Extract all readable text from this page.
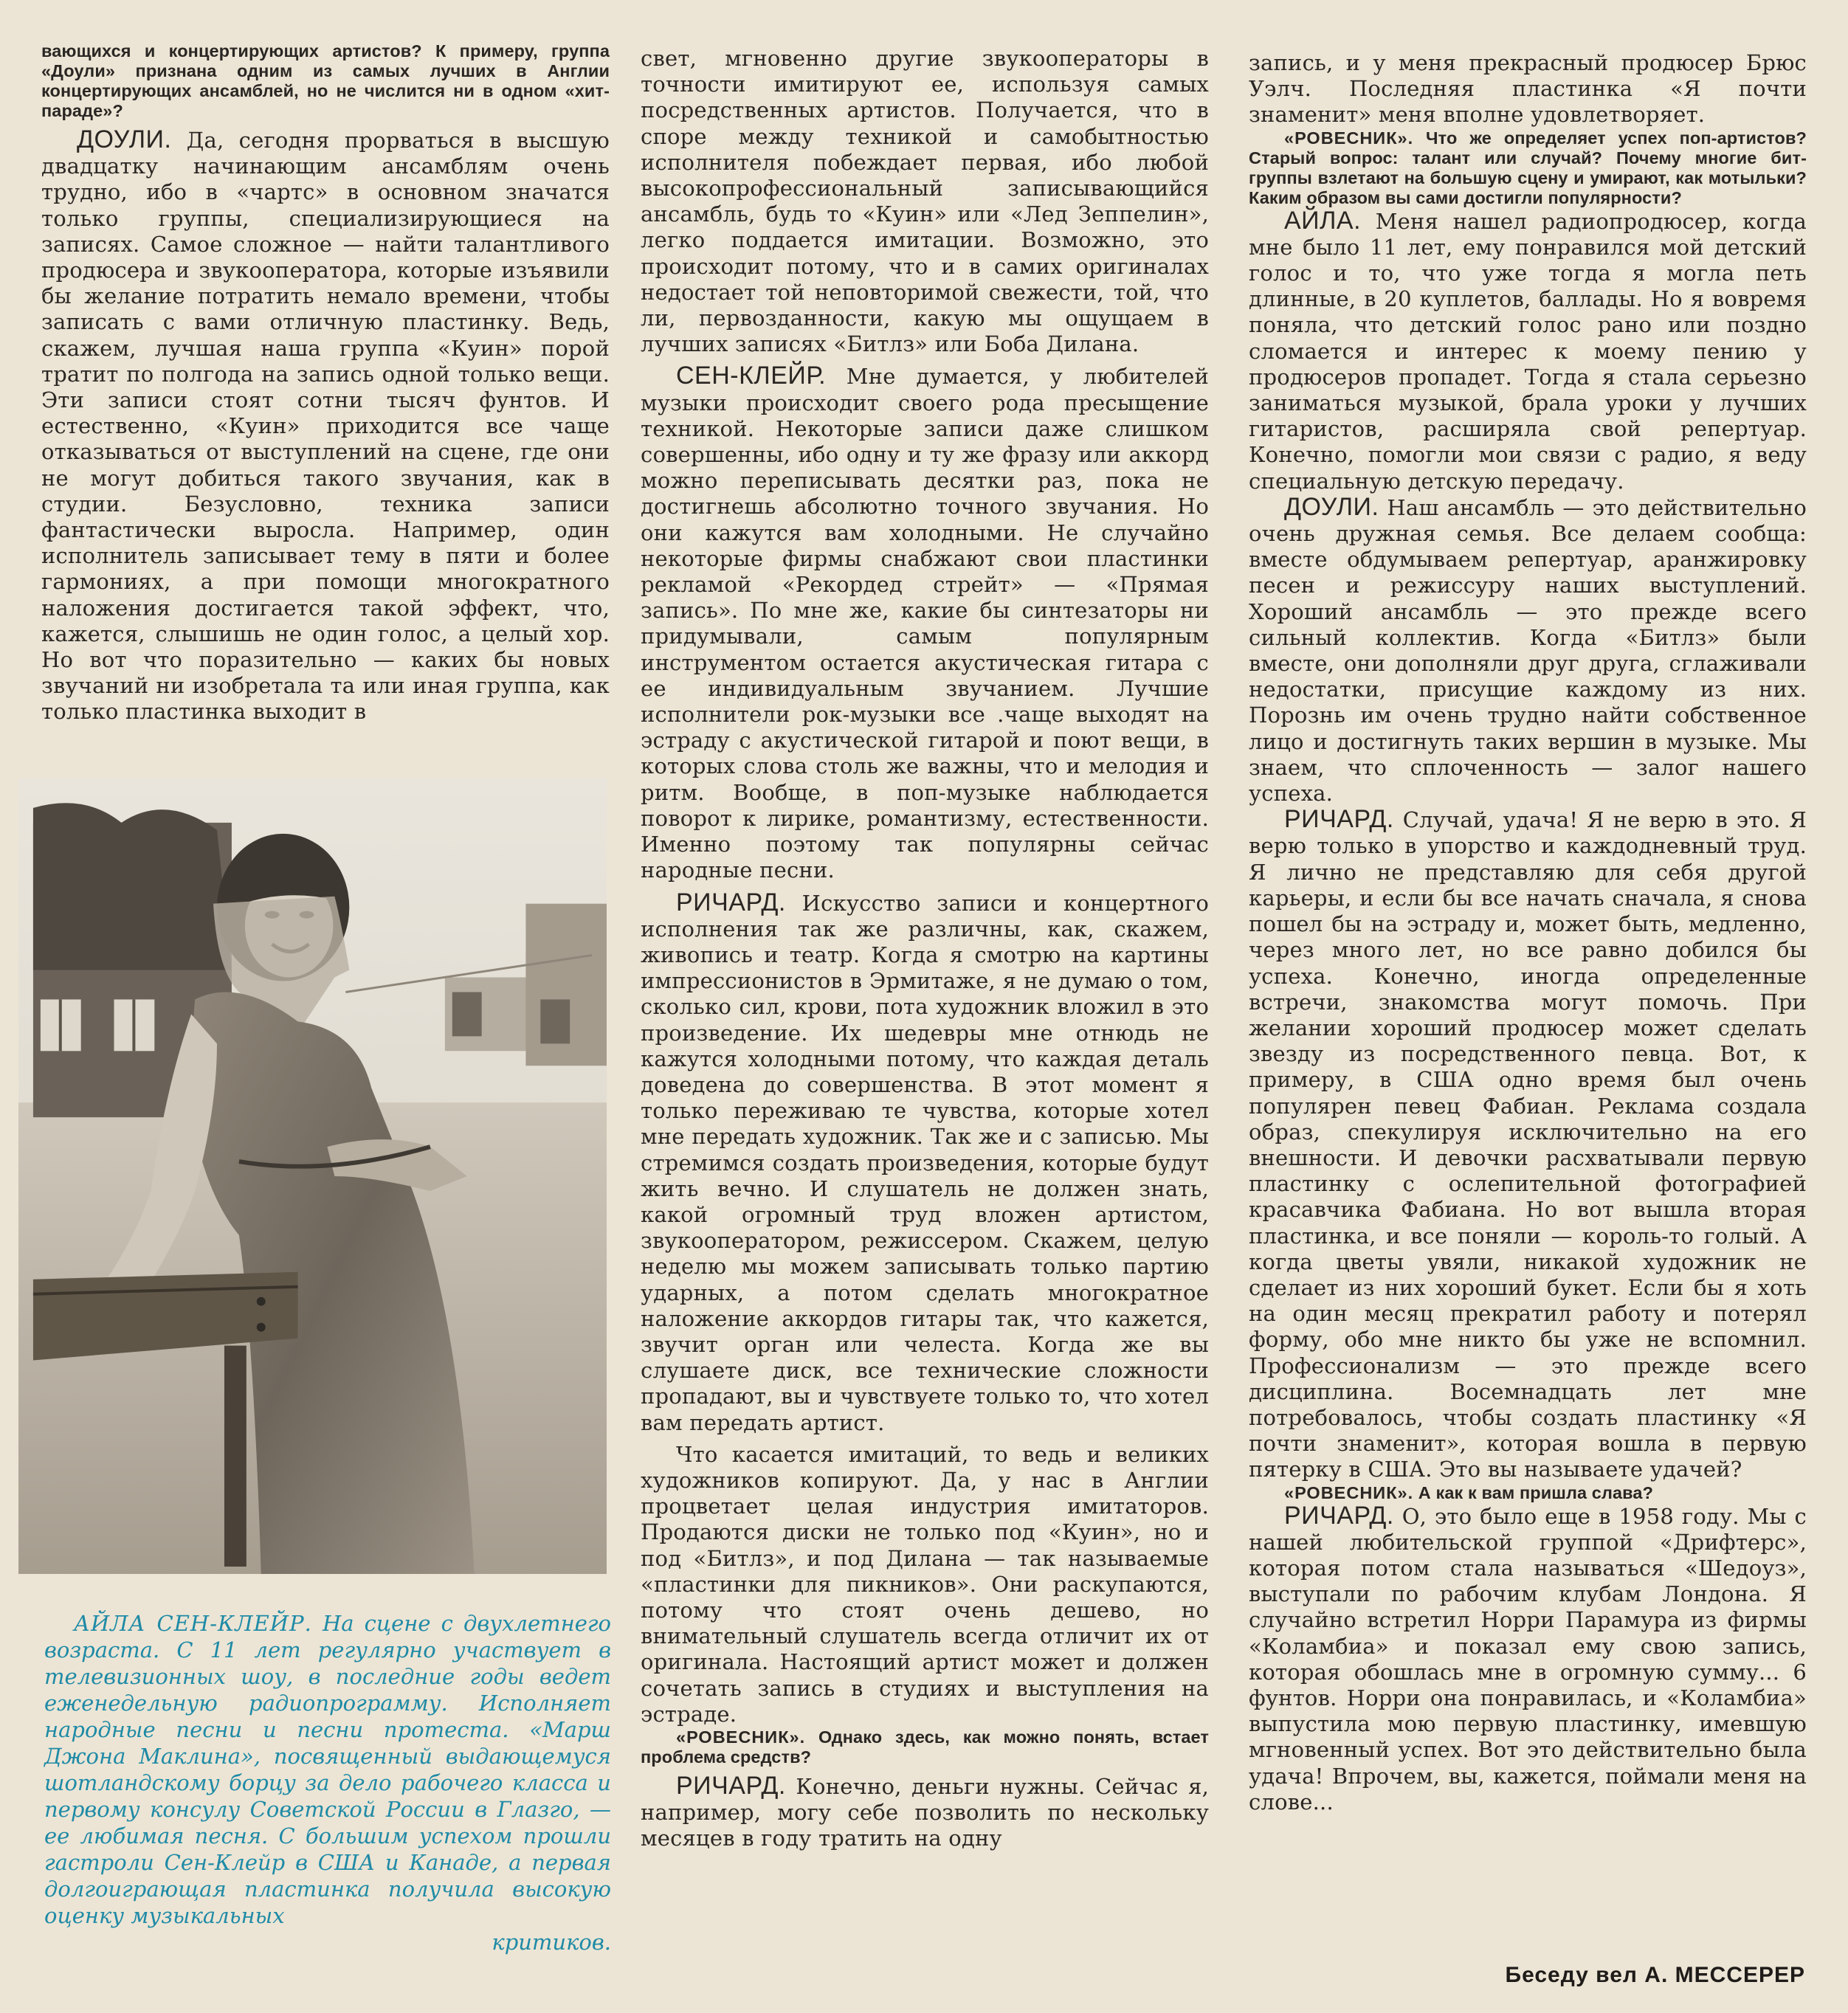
вающихся и концертирующих артистов? К примеру, группа «Доули» признана одним из самых лучших в Англии концертирующих ансамблей, но не числится ни в одном «хит-параде»?

ДОУЛИ. Да, сегодня прорваться в высшую двадцатку начинающим ансамблям очень трудно, ибо в «чартс» в основном значатся только группы, специализирующиеся на записях. Самое сложное — найти талантливого продюсера и звукооператора, которые изъявили бы желание потратить немало времени, чтобы записать с вами отличную пластинку. Ведь, скажем, лучшая наша группа «Куин» порой тратит по полгода на запись одной только вещи. Эти записи стоят сотни тысяч фунтов. И естественно, «Куин» приходится все чаще отказываться от выступлений на сцене, где они не могут добиться такого звучания, как в студии. Безусловно, техника записи фантастически выросла. Например, один исполнитель записывает тему в пяти и более гармониях, а при помощи многократного наложения достигается такой эффект, что, кажется, слышишь не один голос, а целый хор. Но вот что поразительно — каких бы новых звучаний ни изобретала та или иная группа, как только пластинка выходит в

АЙЛА СЕН-КЛЕЙР. На сцене с двухлетнего возраста. С 11 лет регулярно участвует в телевизионных шоу, в последние годы ведет еженедельную радиопрограмму. Исполняет народные песни и песни протеста. «Марш Джона Маклина», посвященный выдающемуся шотландскому борцу за дело рабочего класса и первому консулу Советской России в Глазго, — ее любимая песня. С большим успехом прошли гастроли Сен-Клейр в США и Канаде, а первая долгоиграющая пластинка получила высокую оценку музыкальных
критиков.

свет, мгновенно другие звукооператоры в точности имитируют ее, используя самых посредственных артистов. Получается, что в споре между техникой и самобытностью исполнителя побеждает первая, ибо любой высокопрофессиональный записывающийся ансамбль, будь то «Куин» или «Лед Зеппелин», легко поддается имитации. Возможно, это происходит потому, что и в самих оригиналах недостает той неповторимой свежести, той, что ли, первозданности, какую мы ощущаем в лучших записях «Битлз» или Боба Дилана.

СЕН-КЛЕЙР. Мне думается, у любителей музыки происходит своего рода пресыщение техникой. Некоторые записи даже слишком совершенны, ибо одну и ту же фразу или аккорд можно переписывать десятки раз, пока не достигнешь абсолютно точного звучания. Но они кажутся вам холодными. Не случайно некоторые фирмы снабжают свои пластинки рекламой «Рекордед стрейт» — «Прямая запись». По мне же, какие бы синтезаторы ни придумывали, самым популярным инструментом остается акустическая гитара с ее индивидуальным звучанием. Лучшие исполнители рок-музыки все .чаще выходят на эстраду с акустической гитарой и поют вещи, в которых слова столь же важны, что и мелодия и ритм. Вообще, в поп-музыке наблюдается поворот к лирике, романтизму, естественности. Именно поэтому так популярны сейчас народные песни.

РИЧАРД. Искусство записи и концертного исполнения так же различны, как, скажем, живопись и театр. Когда я смотрю на картины импрессионистов в Эрмитаже, я не думаю о том, сколько сил, крови, пота художник вложил в это произведение. Их шедевры мне отнюдь не кажутся холодными потому, что каждая деталь доведена до совершенства. В этот момент я только переживаю те чувства, которые хотел мне передать художник. Так же и с записью. Мы стремимся создать произведения, которые будут жить вечно. И слушатель не должен знать, какой огромный труд вложен артистом, звукооператором, режиссером. Скажем, целую неделю мы можем записывать только партию ударных, а потом сделать многократное наложение аккордов гитары так, что кажется, звучит орган или челеста. Когда же вы слушаете диск, все технические сложности пропадают, вы и чувствуете только то, что хотел вам передать артист.

Что касается имитаций, то ведь и великих художников копируют. Да, у нас в Англии процветает целая индустрия имитаторов. Продаются диски не только под «Куин», но и под «Битлз», и под Дилана — так называемые «пластинки для пикников». Они раскупаются, потому что стоят очень дешево, но внимательный слушатель всегда отличит их от оригинала. Настоящий артист может и должен сочетать запись в студиях и выступления на эстраде.

«РОВЕСНИК». Однако здесь, как можно понять, встает проблема средств?

РИЧАРД. Конечно, деньги нужны. Сейчас я, например, могу себе позволить по нескольку месяцев в году тратить на одну

запись, и у меня прекрасный продюсер Брюс Уэлч. Последняя пластинка «Я почти знаменит» меня вполне удовлетворяет.

«РОВЕСНИК». Что же определяет успех поп-артистов? Старый вопрос: талант или случай? Почему многие бит-группы взлетают на большую сцену и умирают, как мотыльки? Каким образом вы сами достигли популярности?

АЙЛА. Меня нашел радиопродюсер, когда мне было 11 лет, ему понравился мой детский голос и то, что уже тогда я могла петь длинные, в 20 куплетов, баллады. Но я вовремя поняла, что детский голос рано или поздно сломается и интерес к моему пению у продюсеров пропадет. Тогда я стала серьезно заниматься музыкой, брала уроки у лучших гитаристов, расширяла свой репертуар. Конечно, помогли мои связи с радио, я веду специальную детскую передачу.

ДОУЛИ. Наш ансамбль — это действительно очень дружная семья. Все делаем сообща: вместе обдумываем репертуар, аранжировку песен и режиссуру наших выступлений. Хороший ансамбль — это прежде всего сильный коллектив. Когда «Битлз» были вместе, они дополняли друг друга, сглаживали недостатки, присущие каждому из них. Порознь им очень трудно найти собственное лицо и достигнуть таких вершин в музыке. Мы знаем, что сплоченность — залог нашего успеха.

РИЧАРД. Случай, удача! Я не верю в это. Я верю только в упорство и каждодневный труд. Я лично не представляю для себя другой карьеры, и если бы все начать сначала, я снова пошел бы на эстраду и, может быть, медленно, через много лет, но все равно добился бы успеха. Конечно, иногда определенные встречи, знакомства могут помочь. При желании хороший продюсер может сделать звезду из посредственного певца. Вот, к примеру, в США одно время был очень популярен певец Фабиан. Реклама создала образ, спекулируя исключительно на его внешности. И девочки расхватывали первую пластинку с ослепительной фотографией красавчика Фабиана. Но вот вышла вторая пластинка, и все поняли — король-то голый. А когда цветы увяли, никакой художник не сделает из них хороший букет. Если бы я хоть на один месяц прекратил работу и потерял форму, обо мне никто бы уже не вспомнил. Профессионализм — это прежде всего дисциплина. Восемнадцать лет мне потребовалось, чтобы создать пластинку «Я почти знаменит», которая вошла в первую пятерку в США. Это вы называете удачей?

«РОВЕСНИК». А как к вам пришла слава?

РИЧАРД. О, это было еще в 1958 году. Мы с нашей любительской группой «Дрифтерс», которая потом стала называться «Шедоуз», выступали по рабочим клубам Лондона. Я случайно встретил Норри Парамура из фирмы «Коламбиа» и показал ему свою запись, которая обошлась мне в огромную сумму... 6 фунтов. Норри она понравилась, и «Коламбиа» выпустила мою первую пластинку, имевшую мгновенный успех. Вот это действительно была удача! Впрочем, вы, кажется, поймали меня на слове...

Беседу вел А. МЕССЕРЕР
